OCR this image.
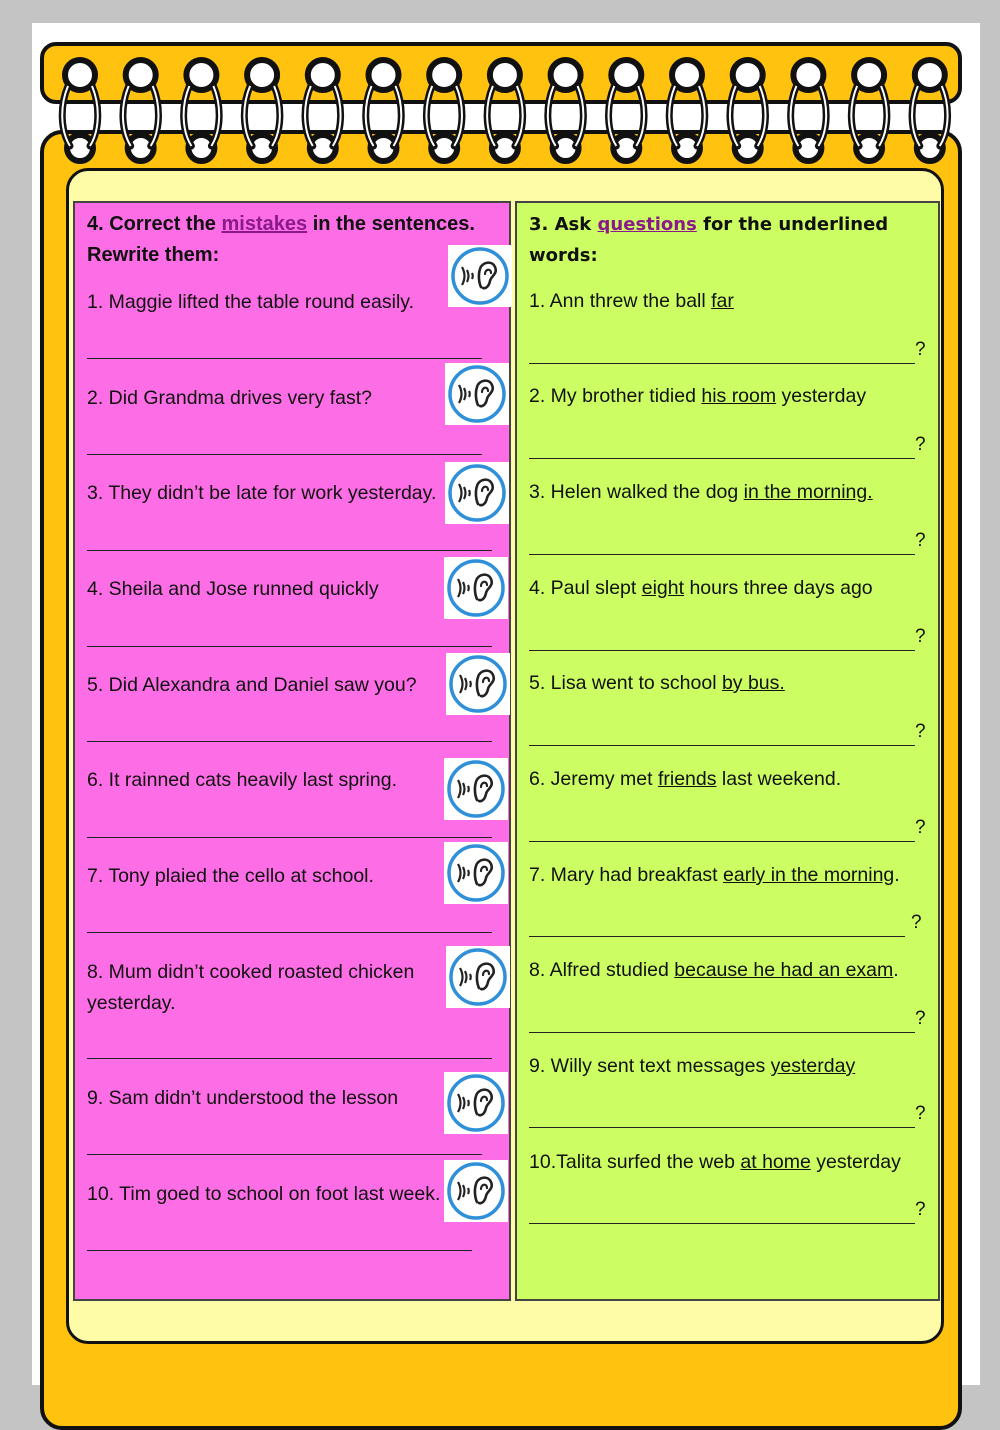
4. Correct the mistakes in the sentences.
Rewrite them:
1. Maggie lifted the table round easily.
2. Did Grandma drives very fast?
3. They didn’t be late for work yesterday.
4. Sheila and Jose runned quickly
5. Did Alexandra and Daniel saw you?
6. It rainned cats heavily last spring.
7. Tony plaied the cello at school.
8. Mum didn’t cooked roasted chicken yesterday.
9. Sam didn’t understood the lesson
10. Tim goed to school on foot last week.
3. Ask questions for the underlined
words:
1. Ann threw the ball far
?
2. My brother tidied his room yesterday
?
3. Helen walked the dog in the morning.
?
4. Paul slept eight hours three days ago
?
5. Lisa went to school by bus.
?
6. Jeremy met friends last weekend.
?
7. Mary had breakfast early in the morning.
?
8. Alfred studied because he had an exam.
?
9. Willy sent text messages yesterday
?
10.Talita surfed the web at home yesterday
?
